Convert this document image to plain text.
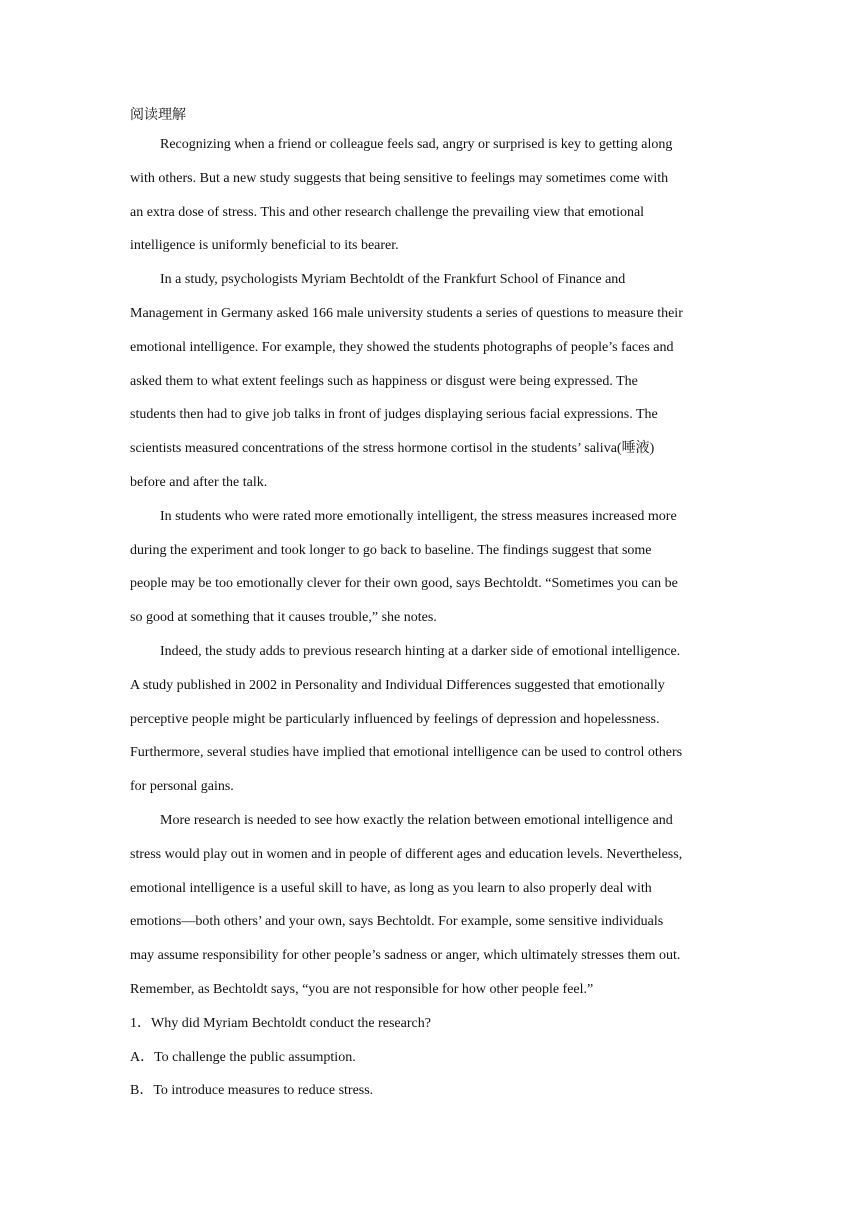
阅读理解
Recognizing when a friend or colleague feels sad, angry or surprised is key to getting along
with others. But a new study suggests that being sensitive to feelings may sometimes come with
an extra dose of stress. This and other research challenge the prevailing view that emotional
intelligence is uniformly beneficial to its bearer.
In a study, psychologists Myriam Bechtoldt of the Frankfurt School of Finance and
Management in Germany asked 166 male university students a series of questions to measure their
emotional intelligence. For example, they showed the students photographs of people’s faces and
asked them to what extent feelings such as happiness or disgust were being expressed. The
students then had to give job talks in front of judges displaying serious facial expressions. The
scientists measured concentrations of the stress hormone cortisol in the students’ saliva(唾液)
before and after the talk.
In students who were rated more emotionally intelligent, the stress measures increased more
during the experiment and took longer to go back to baseline. The findings suggest that some
people may be too emotionally clever for their own good, says Bechtoldt. “Sometimes you can be
so good at something that it causes trouble,” she notes.
Indeed, the study adds to previous research hinting at a darker side of emotional intelligence.
A study published in 2002 in Personality and Individual Differences suggested that emotionally
perceptive people might be particularly influenced by feelings of depression and hopelessness.
Furthermore, several studies have implied that emotional intelligence can be used to control others
for personal gains.
More research is needed to see how exactly the relation between emotional intelligence and
stress would play out in women and in people of different ages and education levels. Nevertheless,
emotional intelligence is a useful skill to have, as long as you learn to also properly deal with
emotions—both others’ and your own, says Bechtoldt. For example, some sensitive individuals
may assume responsibility for other people’s sadness or anger, which ultimately stresses them out.
Remember, as Bechtoldt says, “you are not responsible for how other people feel.”
1．Why did Myriam Bechtoldt conduct the research?
A．To challenge the public assumption.
B．To introduce measures to reduce stress.
